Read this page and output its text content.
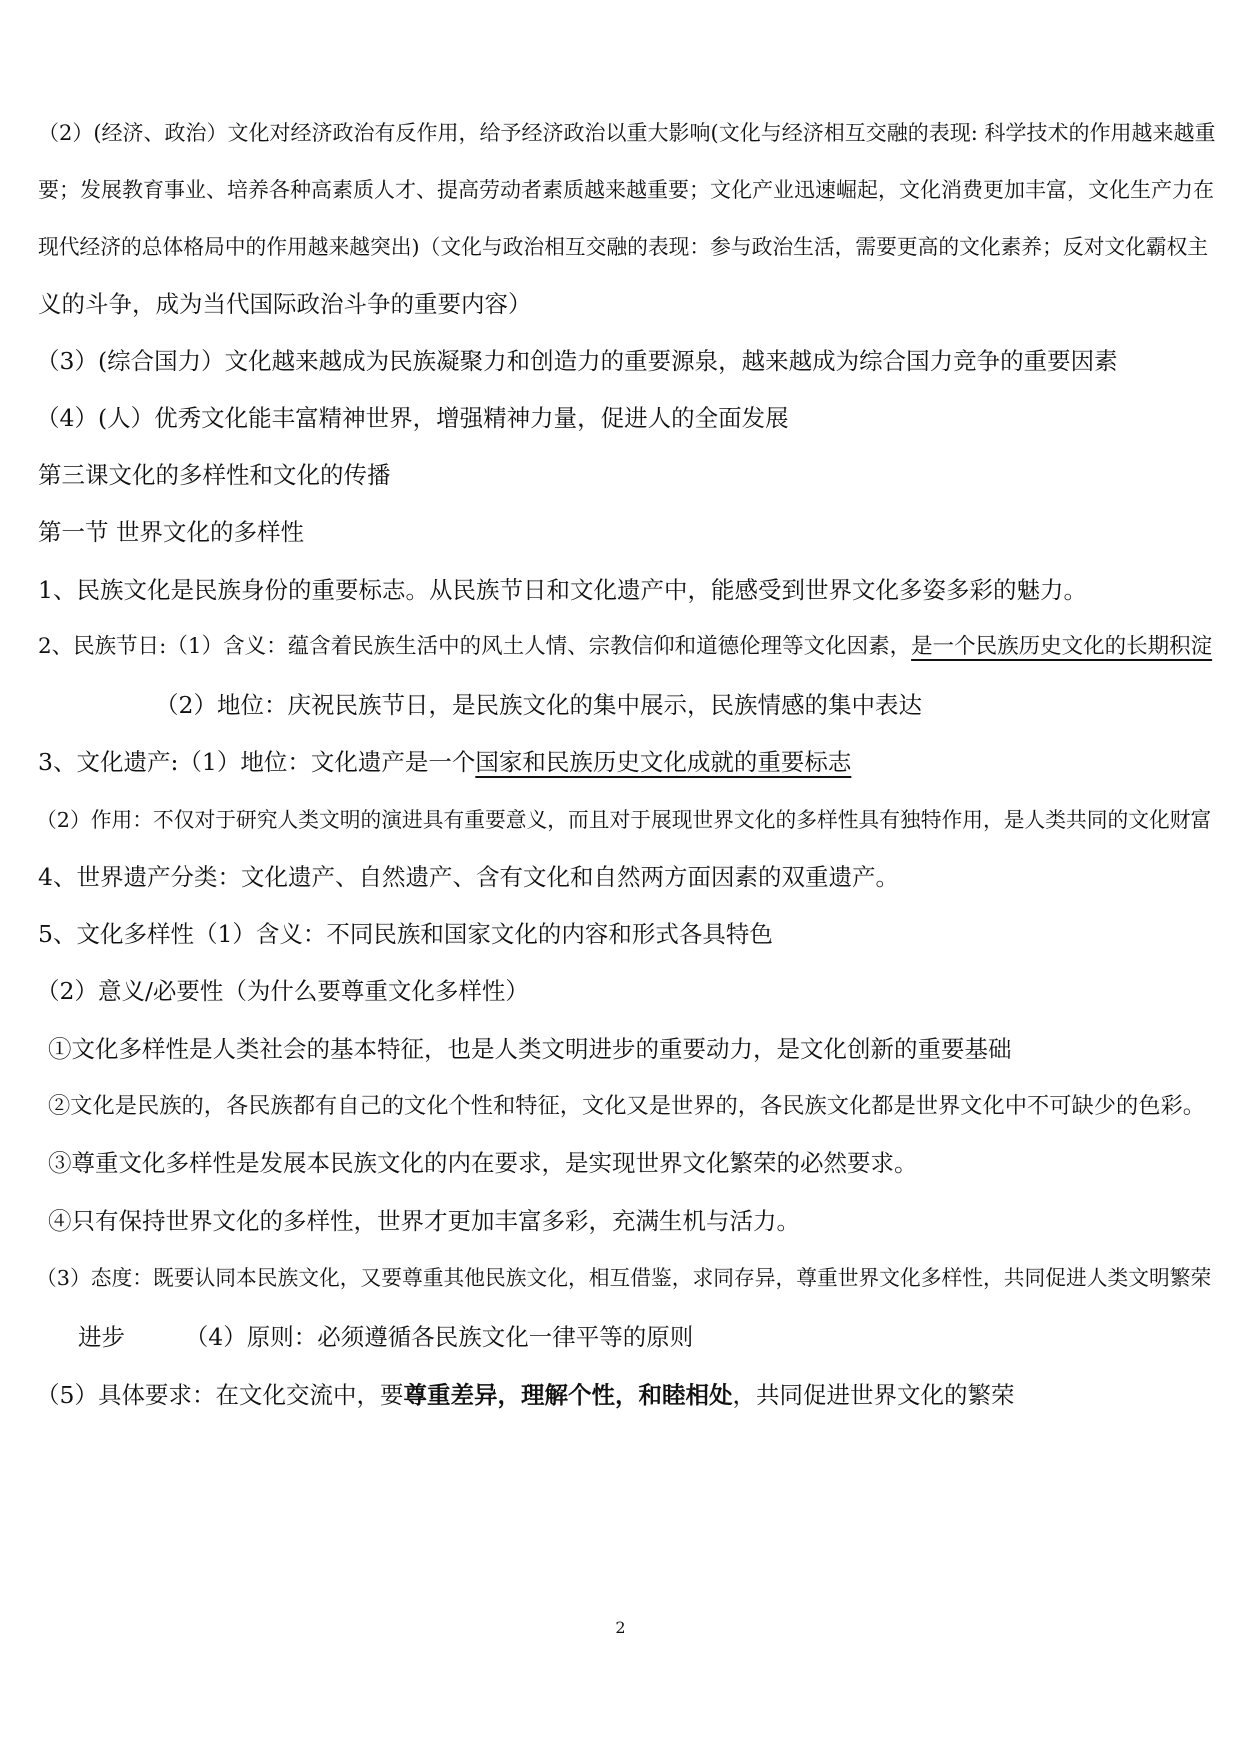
（2）(经济、政治）文化对经济政治有反作用，给予经济政治以重大影响(文化与经济相互交融的表现: 科学技术的作用越来越重
要；发展教育事业、培养各种高素质人才、提高劳动者素质越来越重要；文化产业迅速崛起，文化消费更加丰富，文化生产力在
现代经济的总体格局中的作用越来越突出)（文化与政治相互交融的表现：参与政治生活，需要更高的文化素养；反对文化霸权主
义的斗争，成为当代国际政治斗争的重要内容）
（3）(综合国力）文化越来越成为民族凝聚力和创造力的重要源泉，越来越成为综合国力竞争的重要因素
（4）(人）优秀文化能丰富精神世界，增强精神力量，促进人的全面发展
第三课文化的多样性和文化的传播
第一节 世界文化的多样性
1、民族文化是民族身份的重要标志。从民族节日和文化遗产中，能感受到世界文化多姿多彩的魅力。
2、民族节日:（1）含义：蕴含着民族生活中的风土人情、宗教信仰和道德伦理等文化因素，是一个民族历史文化的长期积淀
（2）地位：庆祝民族节日，是民族文化的集中展示，民族情感的集中表达
3、文化遗产:（1）地位：文化遗产是一个国家和民族历史文化成就的重要标志
（2）作用：不仅对于研究人类文明的演进具有重要意义，而且对于展现世界文化的多样性具有独特作用，是人类共同的文化财富
4、世界遗产分类：文化遗产、自然遗产、含有文化和自然两方面因素的双重遗产。
5、文化多样性（1）含义：不同民族和国家文化的内容和形式各具特色
（2）意义/必要性（为什么要尊重文化多样性）
①文化多样性是人类社会的基本特征，也是人类文明进步的重要动力，是文化创新的重要基础
②文化是民族的，各民族都有自己的文化个性和特征，文化又是世界的，各民族文化都是世界文化中不可缺少的色彩。
③尊重文化多样性是发展本民族文化的内在要求，是实现世界文化繁荣的必然要求。
④只有保持世界文化的多样性，世界才更加丰富多彩，充满生机与活力。
（3）态度：既要认同本民族文化，又要尊重其他民族文化，相互借鉴，求同存异，尊重世界文化多样性，共同促进人类文明繁荣
进步        （4）原则：必须遵循各民族文化一律平等的原则
（5）具体要求：在文化交流中，要尊重差异，理解个性，和睦相处，共同促进世界文化的繁荣
2
